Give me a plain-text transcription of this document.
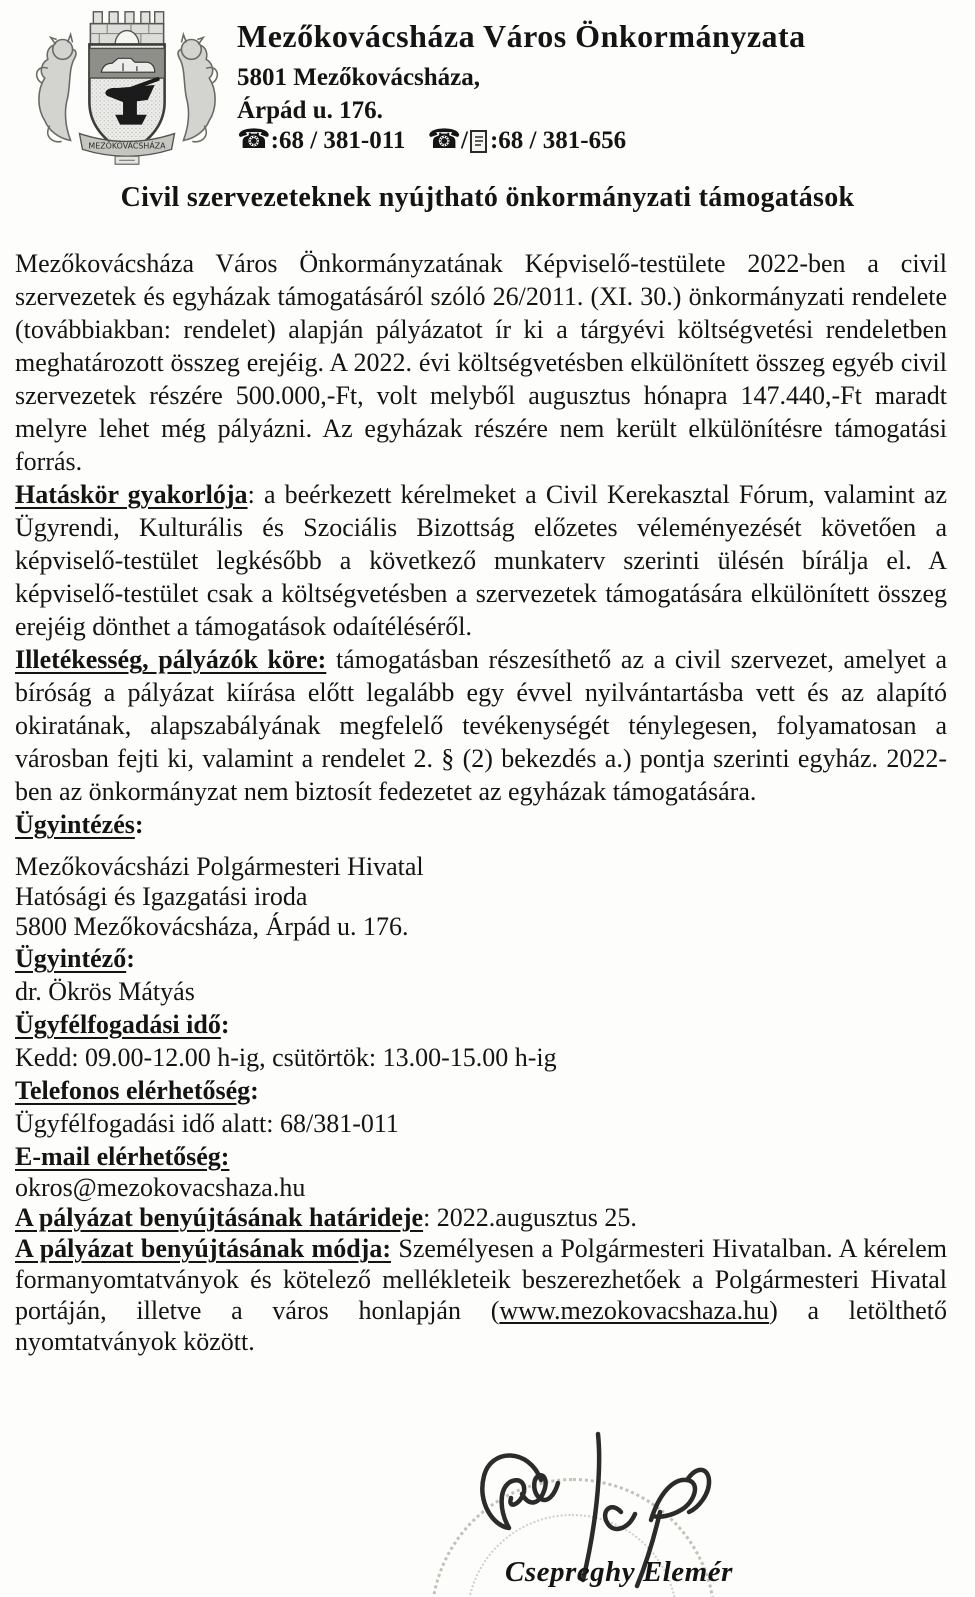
MEZŐKOVÁCSHÁZA
Mezőkovácsháza Város Önkormányzata
5801 Mezőkovácsháza,
Árpád u. 176.
☎ : 68 / 381-011 ☎ / : 68 / 381-656
Civil szervezeteknek nyújtható önkormányzati támogatások

Mezőkovácsháza Város Önkormányzatának Képviselő-testülete 2022-ben a civil szervezetek és egyházak támogatásáról szóló 26/2011. (XI. 30.) önkormányzati rendelete (továbbiakban: rendelet) alapján pályázatot ír ki a tárgyévi költségvetési rendeletben meghatározott összeg erejéig. A 2022. évi költségvetésben elkülönített összeg egyéb civil szervezetek részére 500.000,-Ft, volt melyből augusztus hónapra 147.440,-Ft maradt melyre lehet még pályázni. Az egyházak részére nem került elkülönítésre támogatási forrás.

Hatáskör gyakorlója: a beérkezett kérelmeket a Civil Kerekasztal Fórum, valamint az Ügyrendi, Kulturális és Szociális Bizottság előzetes véleményezését követően a képviselő-testület legkésőbb a következő munkaterv szerinti ülésén bírálja el. A képviselő-testület csak a költségvetésben a szervezetek támogatására elkülönített összeg erejéig dönthet a támogatások odaítéléséről.

Illetékesség, pályázók köre: támogatásban részesíthető az a civil szervezet, amelyet a bíróság a pályázat kiírása előtt legalább egy évvel nyilvántartásba vett és az alapító okiratának, alapszabályának megfelelő tevékenységét ténylegesen, folyamatosan a városban fejti ki, valamint a rendelet 2. § (2) bekezdés a.) pontja szerinti egyház. 2022-ben az önkormányzat nem biztosít fedezetet az egyházak támogatására.

Ügyintézés:
Mezőkovácsházi Polgármesteri Hivatal
Hatósági és Igazgatási iroda
5800 Mezőkovácsháza, Árpád u. 176.
Ügyintéző:

dr. Ökrös Mátyás

Ügyfélfogadási idő:

Kedd: 09.00-12.00 h-ig, csütörtök: 13.00-15.00 h-ig

Telefonos elérhetőség:

Ügyfélfogadási idő alatt: 68/381-011

E-mail elérhetőség:

okros@mezokovacshaza.hu

A pályázat benyújtásának határideje: 2022.augusztus 25.

A pályázat benyújtásának módja: Személyesen a Polgármesteri Hivatalban. A kérelem formanyomtatványok és kötelező mellékleteik beszerezhetőek a Polgármesteri Hivatal portáján, illetve a város honlapján (www.mezokovacshaza.hu) a letölthető nyomtatványok között.

Csepreghy Elemér
